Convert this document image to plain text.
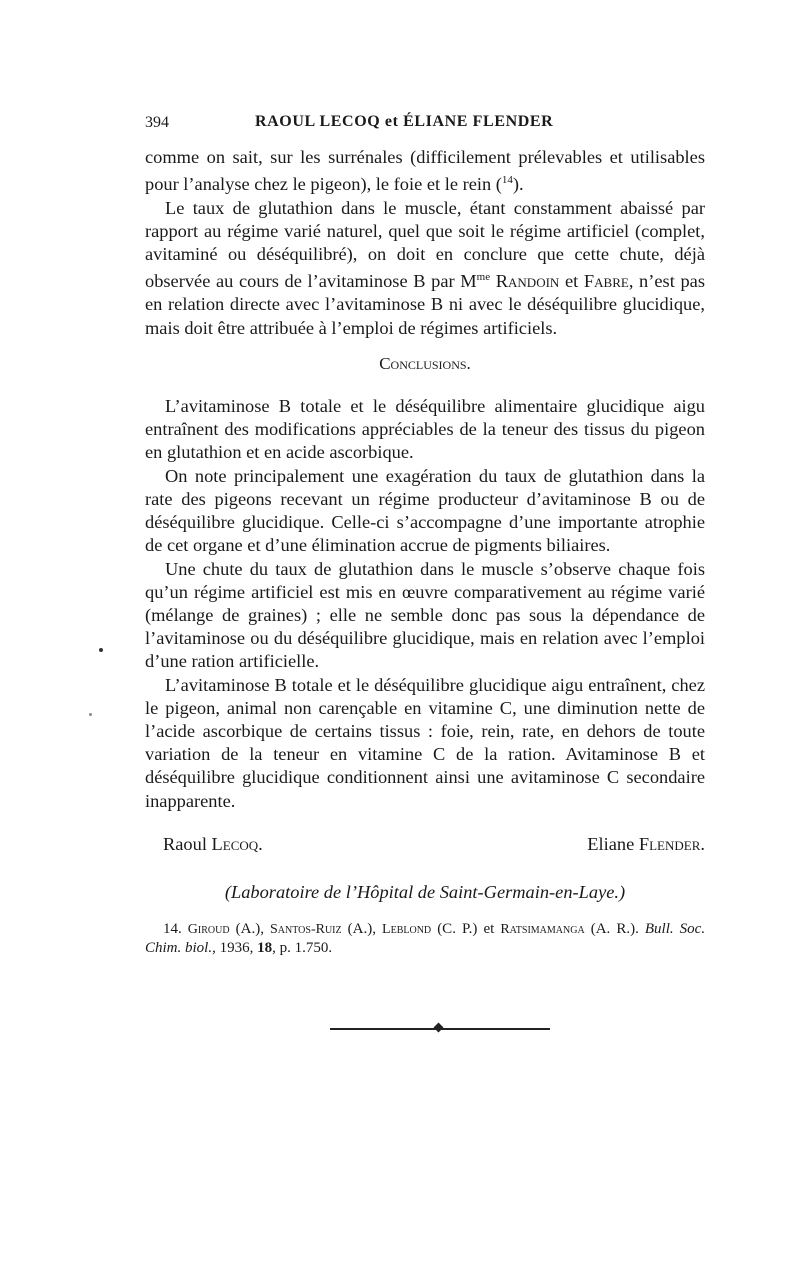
394	RAOUL LECOQ et ÉLIANE FLENDER

comme on sait, sur les surrénales (difficilement prélevables et utilisables pour l’analyse chez le pigeon), le foie et le rein ($^{14}$).

Le taux de glutathion dans le muscle, étant constamment abaissé par rapport au régime varié naturel, quel que soit le régime artificiel (complet, avitaminé ou déséquilibré), on doit en conclure que cette chute, déjà observée au cours de l’avitaminose B par $M^{me}$ Randoin et Fabre, n’est pas en relation directe avec l’avitaminose B ni avec le déséquilibre glucidique, mais doit être attribuée à l’emploi de régimes artificiels.

Conclusions.

L’avitaminose B totale et le déséquilibre alimentaire glucidique aigu entraînent des modifications appréciables de la teneur des tissus du pigeon en glutathion et en acide ascorbique.

On note principalement une exagération du taux de glutathion dans la rate des pigeons recevant un régime producteur d’avitaminose B ou de déséquilibre glucidique. Celle-ci s’accompagne d’une importante atrophie de cet organe et d’une élimination accrue de pigments biliaires.

Une chute du taux de glutathion dans le muscle s’observe chaque fois qu’un régime artificiel est mis en œuvre comparativement au régime varié (mélange de graines) ; elle ne semble donc pas sous la dépendance de l’avitaminose ou du déséquilibre glucidique, mais en relation avec l’emploi d’une ration artificielle.

L’avitaminose B totale et le déséquilibre glucidique aigu entraînent, chez le pigeon, animal non carençable en vitamine C, une diminution nette de l’acide ascorbique de certains tissus : foie, rein, rate, en dehors de toute variation de la teneur en vitamine C de la ration. Avitaminose B et déséquilibre glucidique conditionnent ainsi une avitaminose C secondaire inapparente.

Raoul Lecoq.	Eliane Flender.
(Laboratoire de l’Hôpital de Saint-Germain-en-Laye.)
14. Giroud (A.), Santos-Ruiz (A.), Leblond (C. P.) et Ratsimamanga (A. R.). Bull. Soc. Chim. biol., 1936, 18, p. 1.750.
